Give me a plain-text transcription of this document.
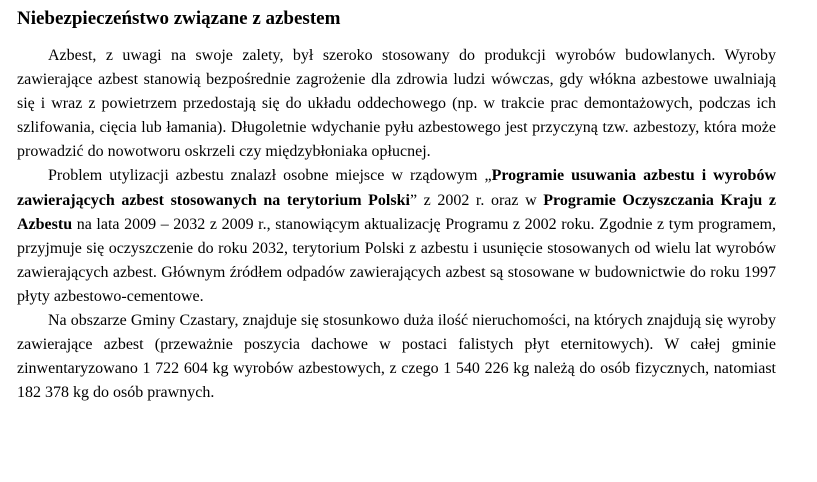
Niebezpieczeństwo związane z azbestem

Azbest, z uwagi na swoje zalety, był szeroko stosowany do produkcji wyrobów budowlanych. Wyroby zawierające azbest stanowią bezpośrednie zagrożenie dla zdrowia ludzi wówczas, gdy włókna azbestowe uwalniają się i wraz z powietrzem przedostają się do układu oddechowego (np. w trakcie prac demontażowych, podczas ich szlifowania, cięcia lub łamania). Długoletnie wdychanie pyłu azbestowego jest przyczyną tzw. azbestozy, która może prowadzić do nowotworu oskrzeli czy międzybłoniaka opłucnej.

Problem utylizacji azbestu znalazł osobne miejsce w rządowym „Programie usuwania azbestu i wyrobów zawierających azbest stosowanych na terytorium Polski” z 2002 r. oraz w Programie Oczyszczania Kraju z Azbestu na lata 2009 – 2032 z 2009 r., stanowiącym aktualizację Programu z 2002 roku. Zgodnie z tym programem, przyjmuje się oczyszczenie do roku 2032, terytorium Polski z azbestu i usunięcie stosowanych od wielu lat wyrobów zawierających azbest. Głównym źródłem odpadów zawierających azbest są stosowane w budownictwie do roku 1997 płyty azbestowo-cementowe.

Na obszarze Gminy Czastary, znajduje się stosunkowo duża ilość nieruchomości, na których znajdują się wyroby zawierające azbest (przeważnie poszycia dachowe w postaci falistych płyt eternitowych). W całej gminie zinwentaryzowano 1 722 604 kg wyrobów azbestowych, z czego 1 540 226 kg należą do osób fizycznych, natomiast 182 378 kg do osób prawnych.
